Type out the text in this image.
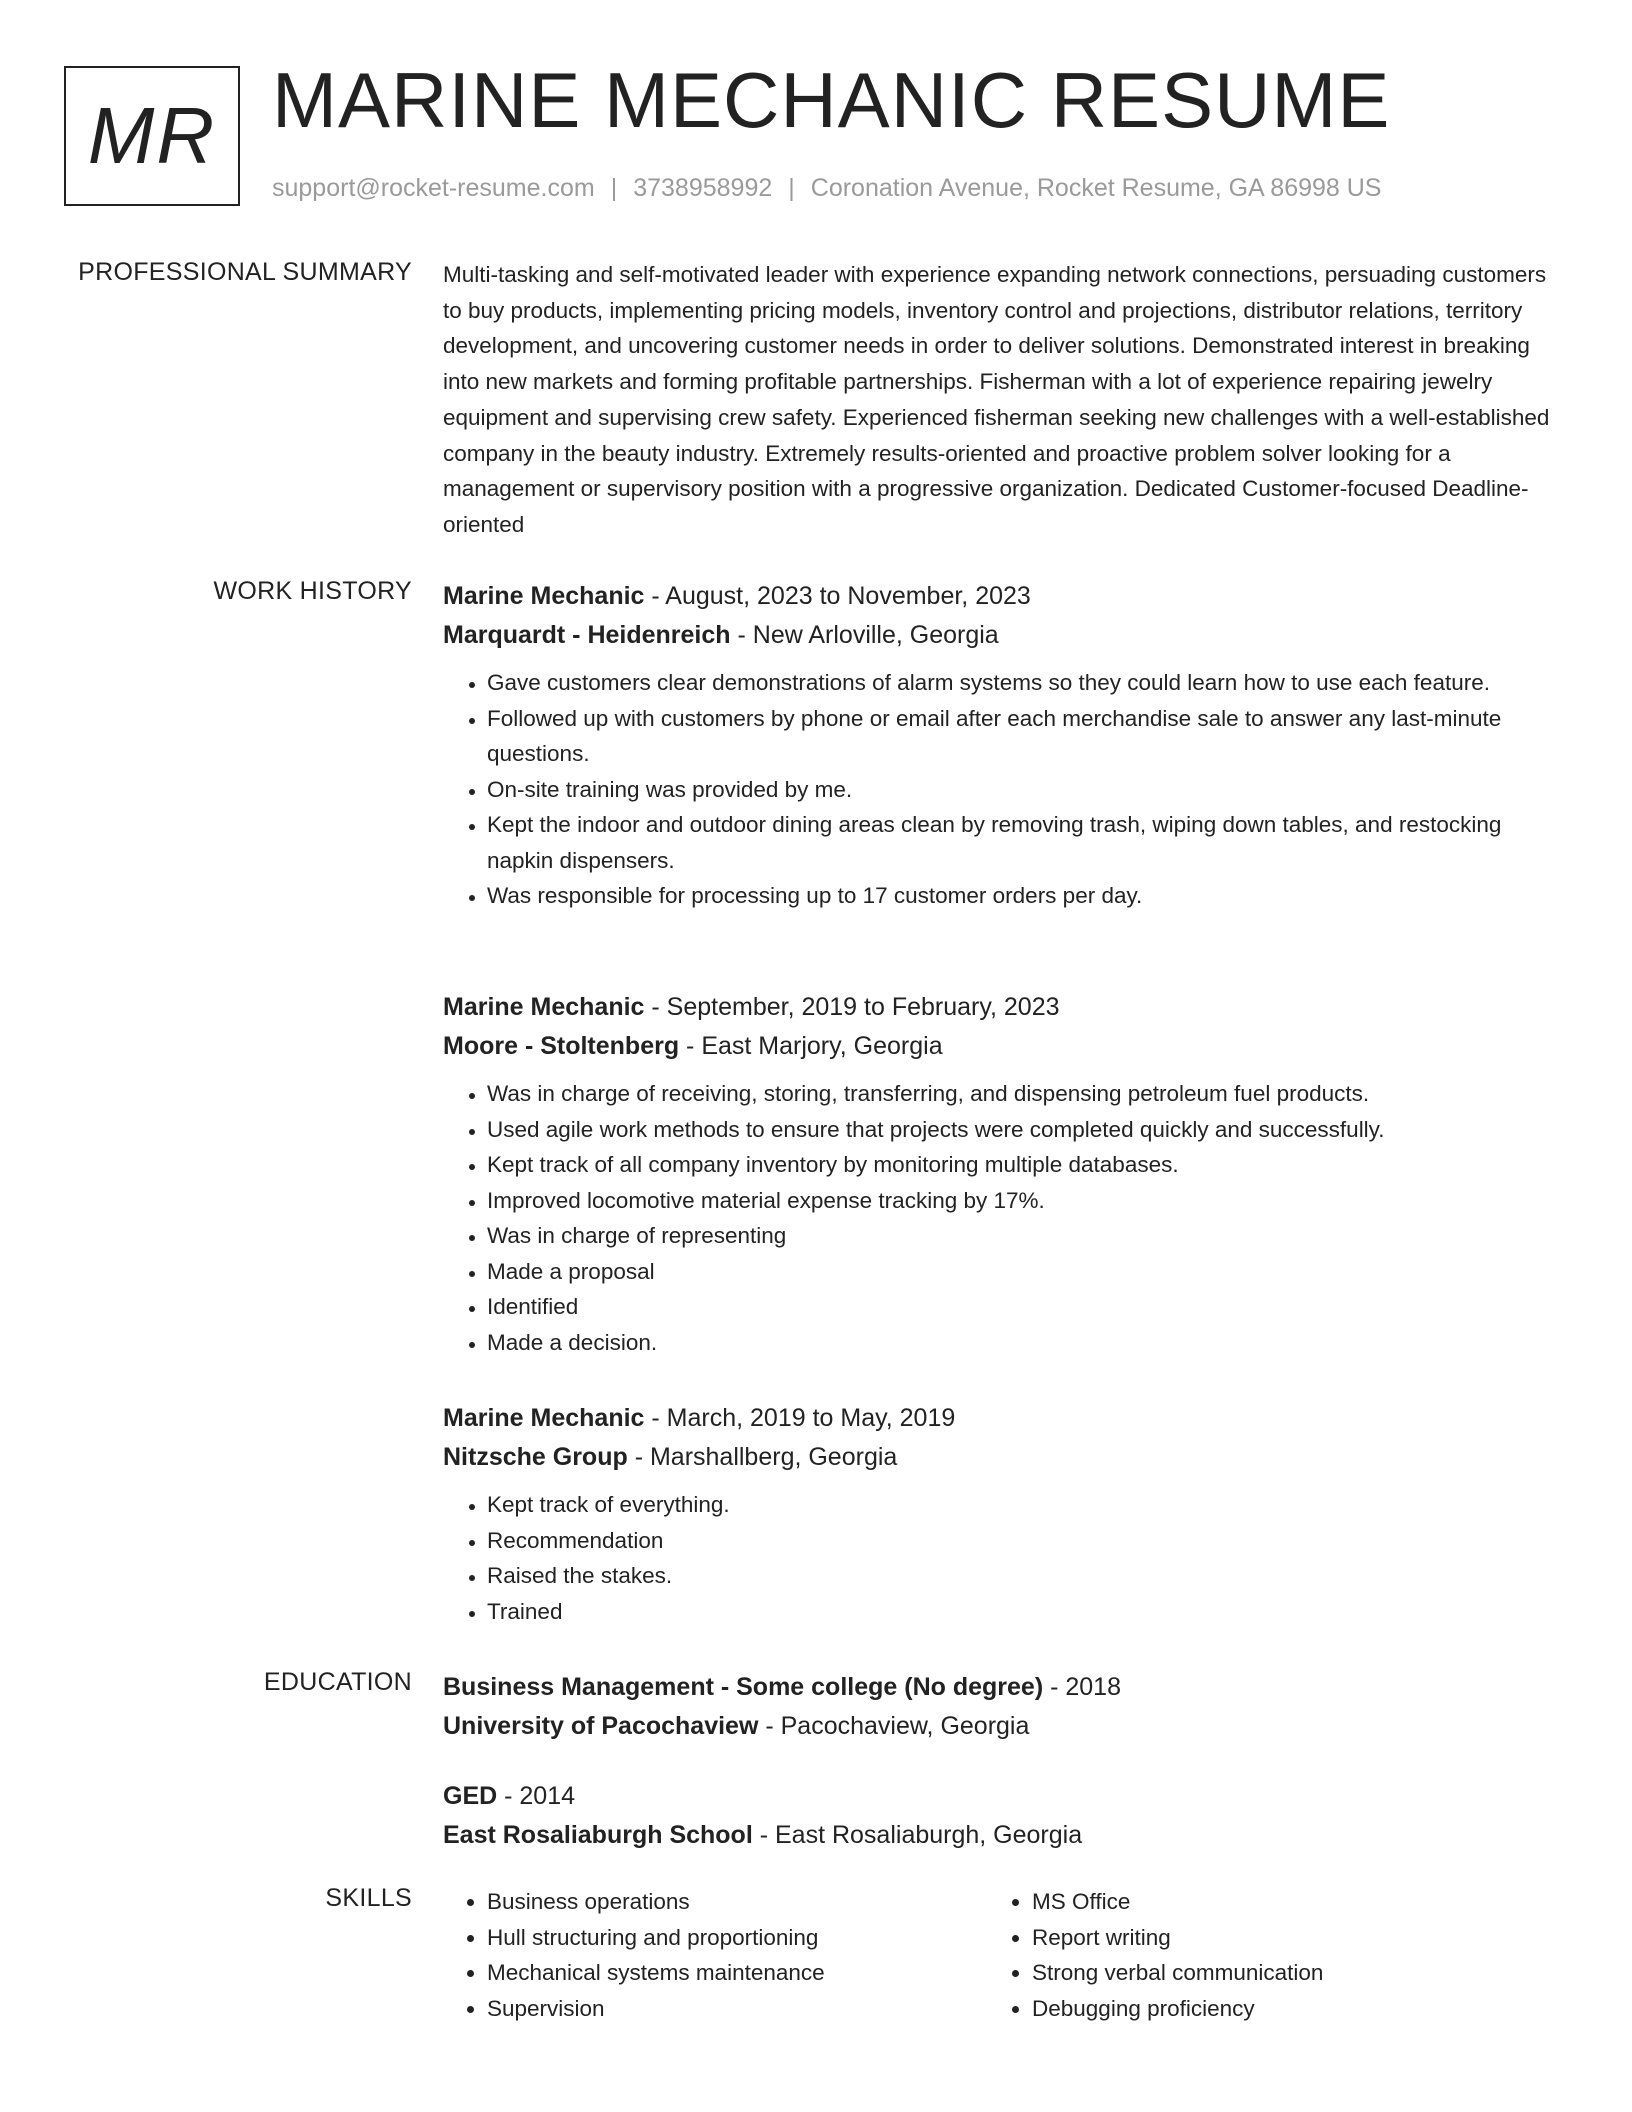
MR MARINE MECHANIC RESUME
support@rocket-resume.com | 3738958992 | Coronation Avenue, Rocket Resume, GA 86998 US
PROFESSIONAL SUMMARY Multi-tasking and self-motivated leader with experience expanding network connections, persuading customers to buy products, implementing pricing models, inventory control and projections, distributor relations, territory development, and uncovering customer needs in order to deliver solutions. Demonstrated interest in breaking into new markets and forming profitable partnerships. Fisherman with a lot of experience repairing jewelry equipment and supervising crew safety. Experienced fisherman seeking new challenges with a well-established company in the beauty industry. Extremely results-oriented and proactive problem solver looking for a management or supervisory position with a progressive organization. Dedicated Customer-focused Deadline-oriented

WORK HISTORY Marine Mechanic - August, 2023 to November, 2023
Marquardt - Heidenreich - New Arloville, Georgia
• Gave customers clear demonstrations of alarm systems so they could learn how to use each feature.
• Followed up with customers by phone or email after each merchandise sale to answer any last-minute questions.
• On-site training was provided by me.
• Kept the indoor and outdoor dining areas clean by removing trash, wiping down tables, and restocking napkin dispensers.
• Was responsible for processing up to 17 customer orders per day.
Marine Mechanic - September, 2019 to February, 2023
Moore - Stoltenberg - East Marjory, Georgia
• Was in charge of receiving, storing, transferring, and dispensing petroleum fuel products.
• Used agile work methods to ensure that projects were completed quickly and successfully.
• Kept track of all company inventory by monitoring multiple databases.
• Improved locomotive material expense tracking by 17%.
• Was in charge of representing
• Made a proposal
• Identified
• Made a decision.
Marine Mechanic - March, 2019 to May, 2019
Nitzsche Group - Marshallberg, Georgia
• Kept track of everything.
• Recommendation
• Raised the stakes.
• Trained
EDUCATION Business Management - Some college (No degree) - 2018
University of Pacochaview - Pacochaview, Georgia
GED - 2014
East Rosaliaburgh School - East Rosaliaburgh, Georgia
SKILLS
•	Business operations
• Hull structuring and proportioning
• Mechanical systems maintenance
• Supervision
• MS Office
• Report writing
• Strong verbal communication
• Debugging proficiency
